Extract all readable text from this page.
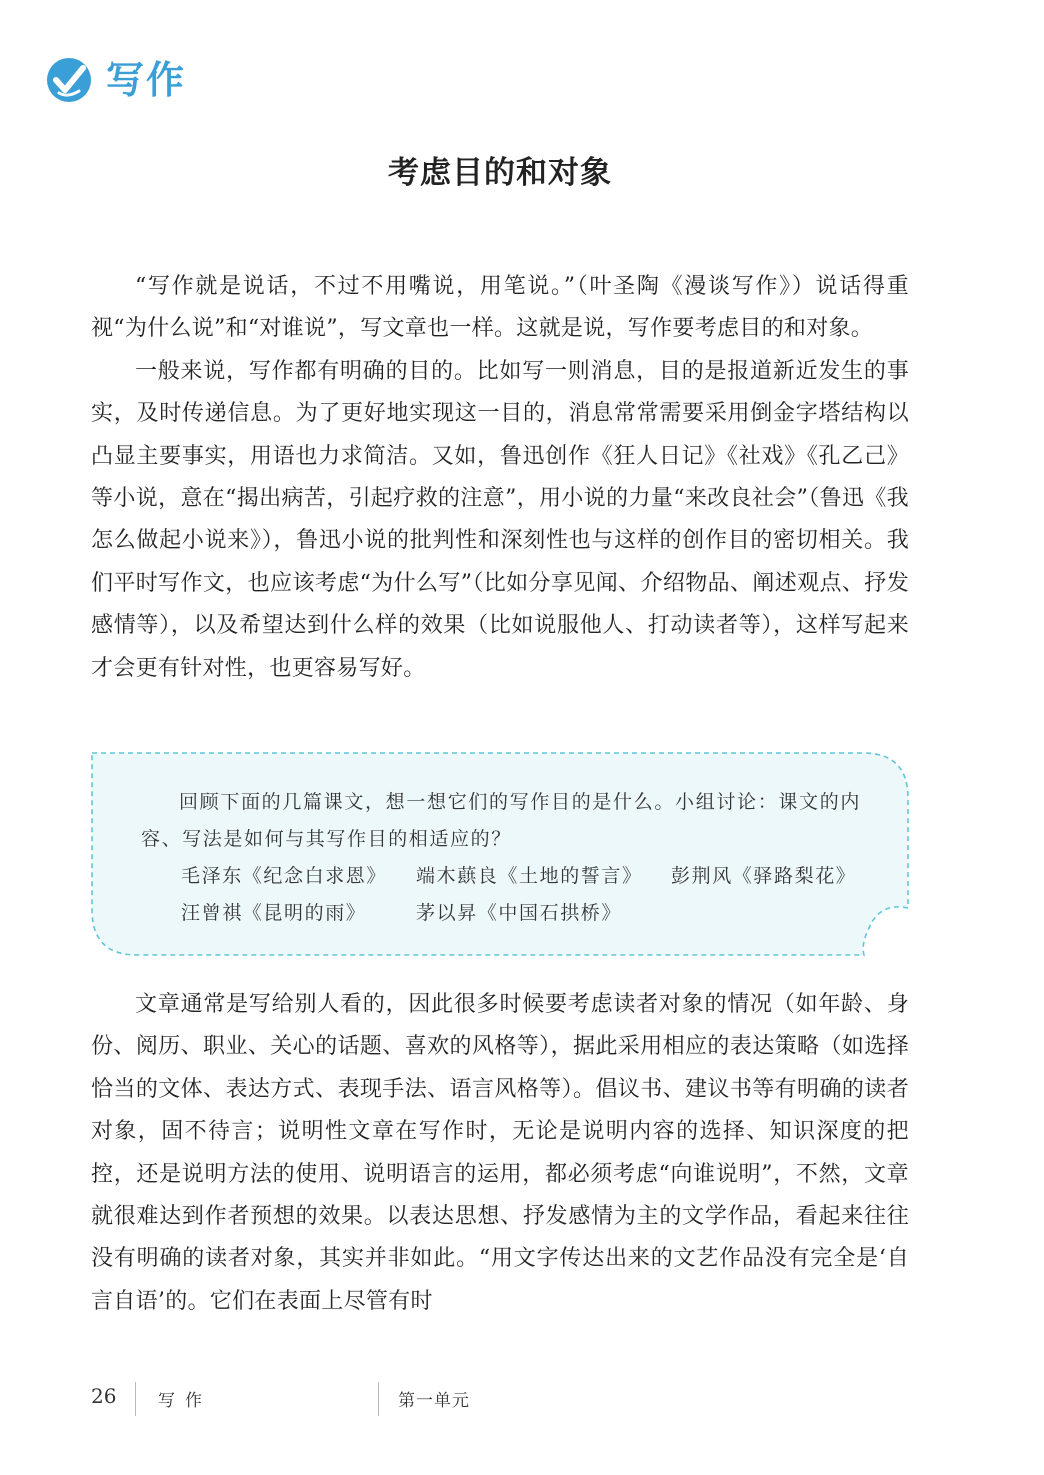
写作
考虑目的和对象

“写作就是说话，不过不用嘴说，用笔说。”（叶圣陶《漫谈写作》）说话得重视“为什么说”和“对谁说”，写文章也一样。这就是说，写作要考虑目的和对象。

一般来说，写作都有明确的目的。比如写一则消息，目的是报道新近发生的事实，及时传递信息。为了更好地实现这一目的，消息常常需要采用倒金字塔结构以凸显主要事实，用语也力求简洁。又如，鲁迅创作《狂人日记》《社戏》《孔乙己》等小说，意在“揭出病苦，引起疗救的注意”，用小说的力量“来改良社会”（鲁迅《我怎么做起小说来》），鲁迅小说的批判性和深刻性也与这样的创作目的密切相关。我们平时写作文，也应该考虑“为什么写”（比如分享见闻、介绍物品、阐述观点、抒发感情等），以及希望达到什么样的效果（比如说服他人、打动读者等），这样写起来才会更有针对性，也更容易写好。

回顾下面的几篇课文，想一想它们的写作目的是什么。小组讨论：课文的内容、写法是如何与其写作目的相适应的？

毛泽东《纪念白求恩》	端木蕻良《土地的誓言》	彭荆风《驿路梨花》
汪曾祺《昆明的雨》	茅以昇《中国石拱桥》

文章通常是写给别人看的，因此很多时候要考虑读者对象的情况（如年龄、身份、阅历、职业、关心的话题、喜欢的风格等），据此采用相应的表达策略（如选择恰当的文体、表达方式、表现手法、语言风格等）。倡议书、建议书等有明确的读者对象，固不待言；说明性文章在写作时，无论是说明内容的选择、知识深度的把控，还是说明方法的使用、说明语言的运用，都必须考虑“向谁说明”，不然，文章就很难达到作者预想的效果。以表达思想、抒发感情为主的文学作品，看起来往往没有明确的读者对象，其实并非如此。“用文字传达出来的文艺作品没有完全是‘自言自语’的。它们在表面上尽管有时

26 写作	第一单元
